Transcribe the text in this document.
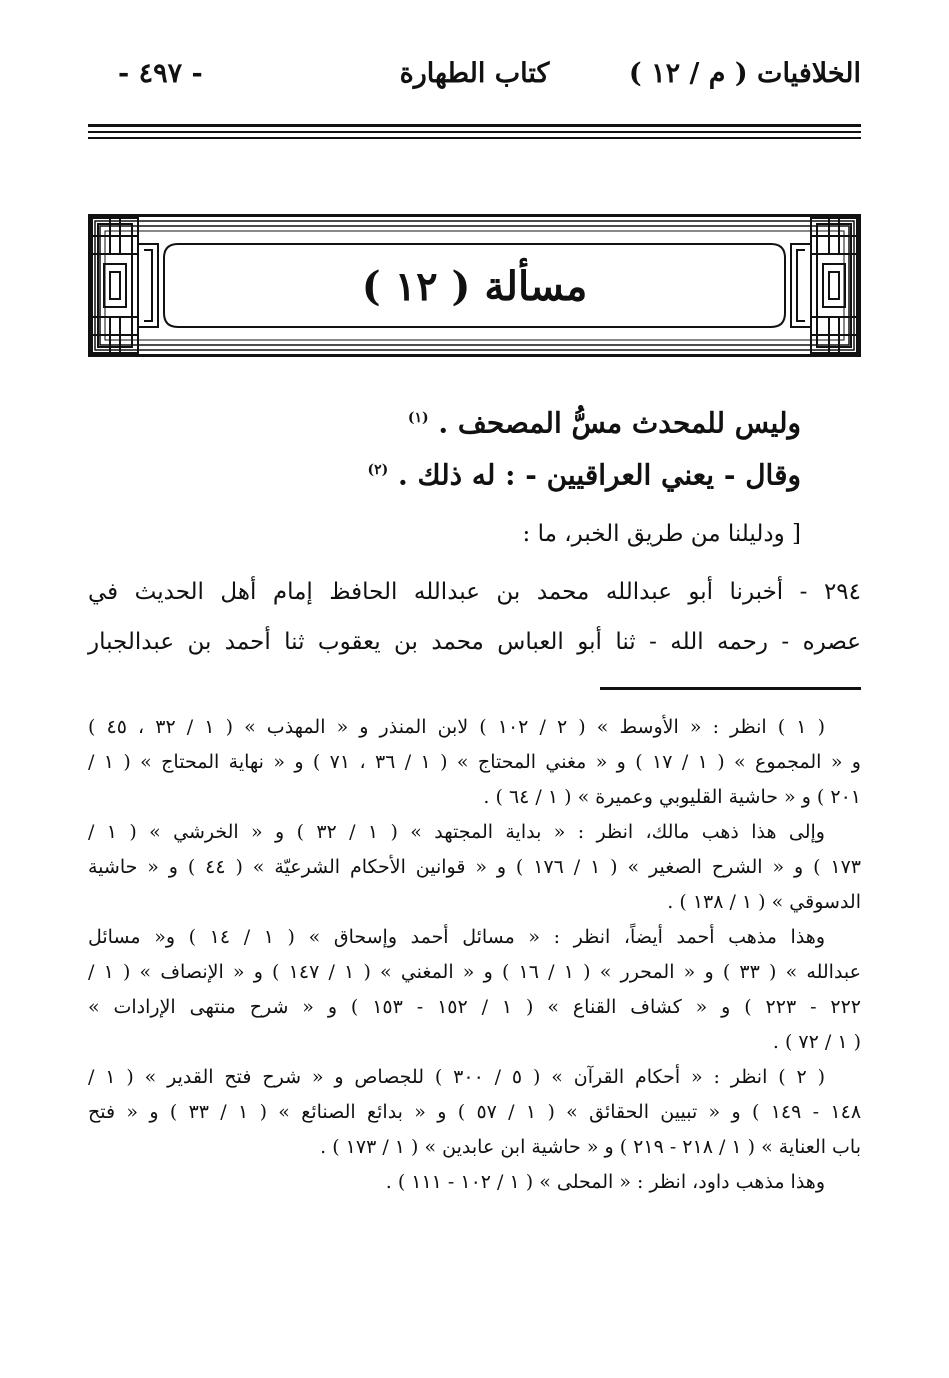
الخلافيات ( م / ١٢ )
كتاب الطهارة
- ٤٩٧ -
مسألة ( ١٢ )
وليس للمحدث مسُّ المصحف . $^{(١)}$
وقال - يعني العراقيين - : له ذلك . $^{(٢)}$
[ ودليلنا من طريق الخبر، ما :
٢٩٤ - أخبرنا أبو عبدالله محمد بن عبدالله الحافظ إمام أهل الحديث في
عصره - رحمه الله - ثنا أبو العباس محمد بن يعقوب ثنا أحمد بن عبدالجبار
( ١ ) انظر : « الأوسط » ( ٢ / ١٠٢ ) لابن المنذر و « المهذب » ( ١ / ٣٢ ، ٤٥ )
و « المجموع » ( ١ / ١٧ ) و « مغني المحتاج » ( ١ / ٣٦ ، ٧١ ) و « نهاية المحتاج » ( ١ /
٢٠١ ) و « حاشية القليوبي وعميرة » ( ١ / ٦٤ ) .
وإلى هذا ذهب مالك، انظر : « بداية المجتهد » ( ١ / ٣٢ ) و « الخرشي » ( ١ /
١٧٣ ) و « الشرح الصغير » ( ١ / ١٧٦ ) و « قوانين الأحكام الشرعيّة » ( ٤٤ ) و « حاشية
الدسوقي » ( ١ / ١٣٨ ) .
وهذا مذهب أحمد أيضاً، انظر : « مسائل أحمد وإسحاق » ( ١ / ١٤ ) و« مسائل
عبدالله » ( ٣٣ ) و « المحرر » ( ١ / ١٦ ) و « المغني » ( ١ / ١٤٧ ) و « الإنصاف » ( ١ /
٢٢٢ - ٢٢٣ ) و « كشاف القناع » ( ١ / ١٥٢ - ١٥٣ ) و « شرح منتهى الإرادات »
( ١ / ٧٢ ) .
( ٢ ) انظر : « أحكام القرآن » ( ٥ / ٣٠٠ ) للجصاص و « شرح فتح القدير » ( ١ /
١٤٨ - ١٤٩ ) و « تبيين الحقائق » ( ١ / ٥٧ ) و « بدائع الصنائع » ( ١ / ٣٣ ) و « فتح
باب العناية » ( ١ / ٢١٨ - ٢١٩ ) و « حاشية ابن عابدين » ( ١ / ١٧٣ ) .
وهذا مذهب داود، انظر : « المحلى » ( ١ / ١٠٢ - ١١١ ) .
